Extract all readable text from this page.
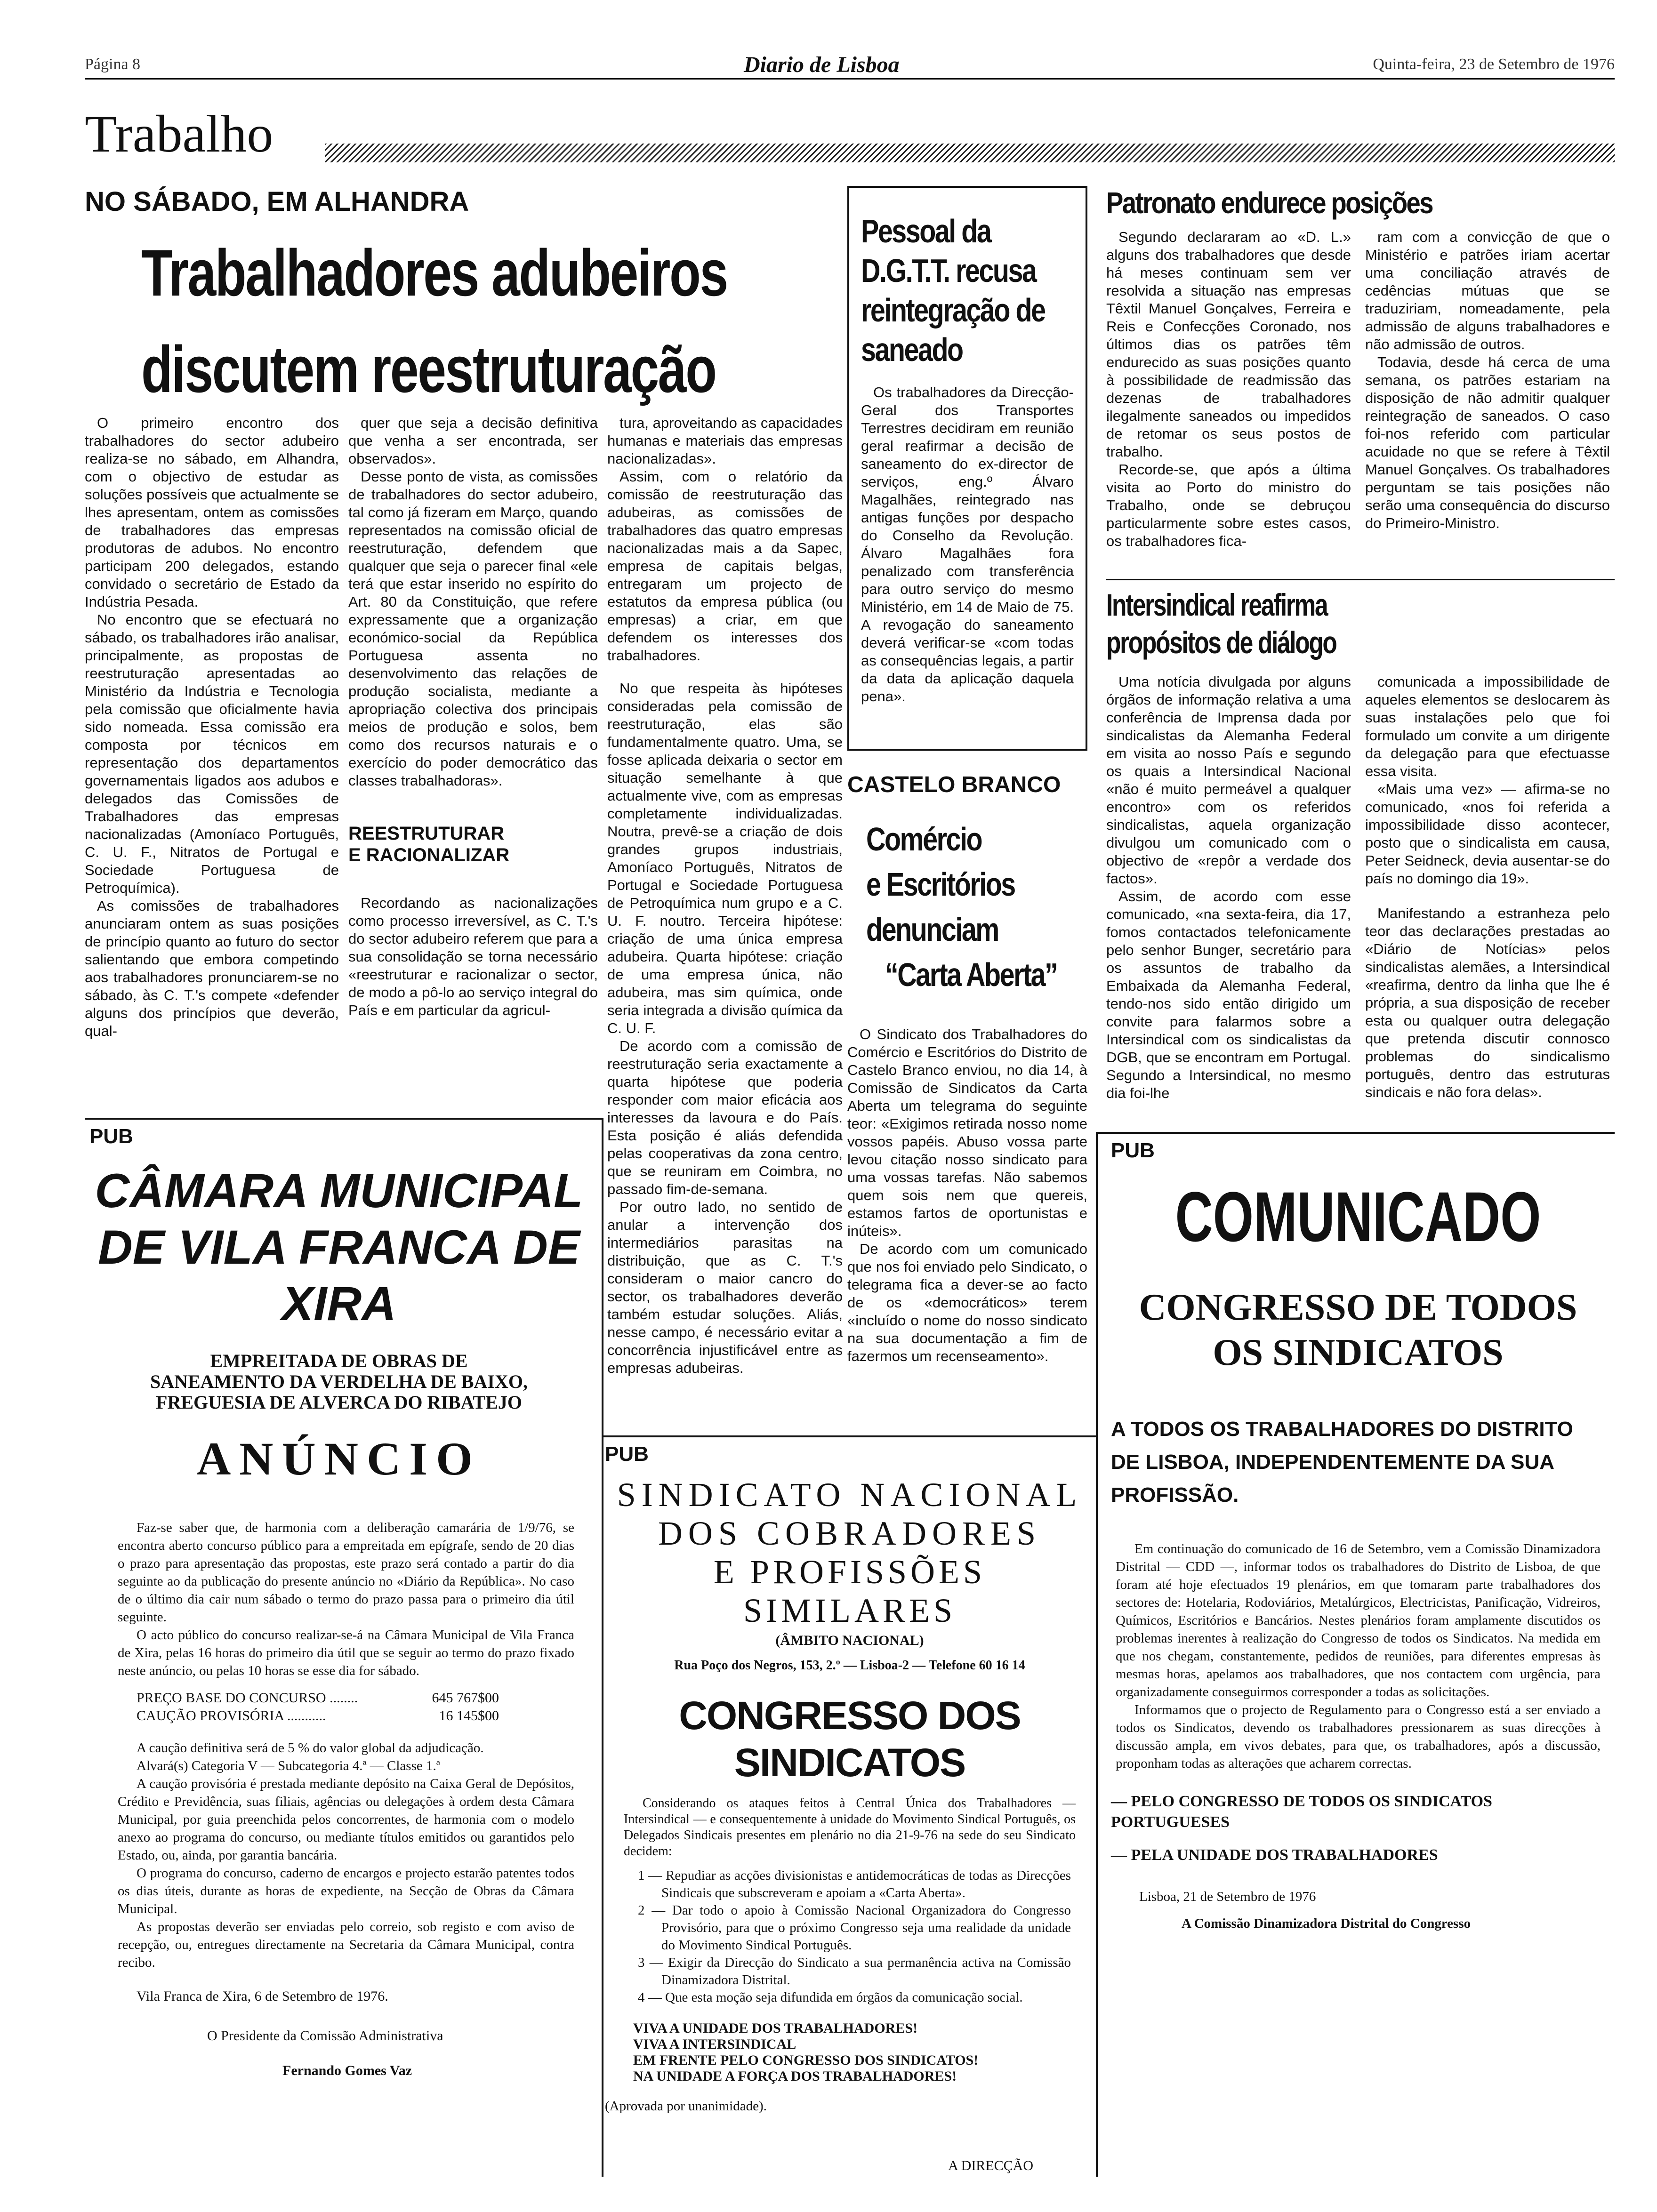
Página 8	Diario de Lisboa	Quinta-feira, 23 de Setembro de 1976
Trabalho
NO SÁBADO, EM ALHANDRA
Trabalhadores adubeiros
discutem reestruturação

O primeiro encontro dos trabalhadores do sector adubeiro realiza-se no sábado, em Alhandra, com o objectivo de estudar as soluções possíveis que actualmente se lhes apresentam, ontem as comissões de trabalhadores das empresas produtoras de adubos. No encontro participam 200 delegados, estando convidado o secretário de Estado da Indústria Pesada.

No encontro que se efectuará no sábado, os trabalhadores irão analisar, principalmente, as propostas de reestruturação apresentadas ao Ministério da Indústria e Tecnologia pela comissão que oficialmente havia sido nomeada. Essa comissão era composta por técnicos em representação dos departamentos governamentais ligados aos adubos e delegados das Comissões de Trabalhadores das empresas nacionalizadas (Amoníaco Português, C. U. F., Nitratos de Portugal e Sociedade Portuguesa de Petroquímica).

As comissões de trabalhadores anunciaram ontem as suas posições de princípio quanto ao futuro do sector salientando que embora competindo aos trabalhadores pronunciarem-se no sábado, às C. T.'s compete «defender alguns dos princípios que deverão, qual-

quer que seja a decisão definitiva que venha a ser encontrada, ser observados».

Desse ponto de vista, as comissões de trabalhadores do sector adubeiro, tal como já fizeram em Março, quando representados na comissão oficial de reestruturação, defendem que qualquer que seja o parecer final «ele terá que estar inserido no espírito do Art. 80 da Constituição, que refere expressamente que a organização económico-social da República Portuguesa assenta no desenvolvimento das relações de produção socialista, mediante a apropriação colectiva dos principais meios de produção e solos, bem como dos recursos naturais e o exercício do poder democrático das classes trabalhadoras».

REESTRUTURAR E RACIONALIZAR

Recordando as nacionalizações como processo irreversível, as C. T.'s do sector adubeiro referem que para a sua consolidação se torna necessário «reestruturar e racionalizar o sector, de modo a pô-lo ao serviço integral do País e em particular da agricul-

tura, aproveitando as capacidades humanas e materiais das empresas nacionalizadas».

Assim, com o relatório da comissão de reestruturação das adubeiras, as comissões de trabalhadores das quatro empresas nacionalizadas mais a da Sapec, empresa de capitais belgas, entregaram um projecto de estatutos da empresa pública (ou empresas) a criar, em que defendem os interesses dos trabalhadores.

No que respeita às hipóteses consideradas pela comissão de reestruturação, elas são fundamentalmente quatro. Uma, se fosse aplicada deixaria o sector em situação semelhante à que actualmente vive, com as empresas completamente individualizadas. Noutra, prevê-se a criação de dois grandes grupos industriais, Amoníaco Português, Nitratos de Portugal e Sociedade Portuguesa de Petroquímica num grupo e a C. U. F. noutro. Terceira hipótese: criação de uma única empresa adubeira. Quarta hipótese: criação de uma empresa única, não adubeira, mas sim química, onde seria integrada a divisão química da C. U. F.

De acordo com a comissão de reestruturação seria exactamente a quarta hipótese que poderia responder com maior eficácia aos interesses da lavoura e do País. Esta posição é aliás defendida pelas cooperativas da zona centro, que se reuniram em Coimbra, no passado fim-de-semana.

Por outro lado, no sentido de anular a intervenção dos intermediários parasitas na distribuição, que as C. T.'s consideram o maior cancro do sector, os trabalhadores deverão também estudar soluções. Aliás, nesse campo, é necessário evitar a concorrência injustificável entre as empresas adubeiras.

Pessoal da D.G.T.T. recusa reintegração de saneado

Os trabalhadores da Direcção-Geral dos Transportes Terrestres decidiram em reunião geral reafirmar a decisão de saneamento do ex-director de serviços, eng.º Álvaro Magalhães, reintegrado nas antigas funções por despacho do Conselho da Revolução. Álvaro Magalhães fora penalizado com transferência para outro serviço do mesmo Ministério, em 14 de Maio de 75. A revogação do saneamento deverá verificar-se «com todas as consequências legais, a partir da data da aplicação daquela pena».

CASTELO BRANCO
Comércio
e Escritórios
denunciam
“Carta Aberta”

O Sindicato dos Trabalhadores do Comércio e Escritórios do Distrito de Castelo Branco enviou, no dia 14, à Comissão de Sindicatos da Carta Aberta um telegrama do seguinte teor: «Exigimos retirada nosso nome vossos papéis. Abuso vossa parte levou citação nosso sindicato para uma vossas tarefas. Não sabemos quem sois nem que quereis, estamos fartos de oportunistas e inúteis».

De acordo com um comunicado que nos foi enviado pelo Sindicato, o telegrama fica a dever-se ao facto de os «democráticos» terem «incluído o nome do nosso sindicato na sua documentação a fim de fazermos um recenseamento».

Patronato endurece posições

Segundo declararam ao «D. L.» alguns dos trabalhadores que desde há meses continuam sem ver resolvida a situação nas empresas Têxtil Manuel Gonçalves, Ferreira e Reis e Confecções Coronado, nos últimos dias os patrões têm endurecido as suas posições quanto à possibilidade de readmissão das dezenas de trabalhadores ilegalmente saneados ou impedidos de retomar os seus postos de trabalho.

Recorde-se, que após a última visita ao Porto do ministro do Trabalho, onde se debruçou particularmente sobre estes casos, os trabalhadores fica-

ram com a convicção de que o Ministério e patrões iriam acertar uma conciliação através de cedências mútuas que se traduziriam, nomeadamente, pela admissão de alguns trabalhadores e não admissão de outros.

Todavia, desde há cerca de uma semana, os patrões estariam na disposição de não admitir qualquer reintegração de saneados. O caso foi-nos referido com particular acuidade no que se refere à Têxtil Manuel Gonçalves. Os trabalhadores perguntam se tais posições não serão uma consequência do discurso do Primeiro-Ministro.

Intersindical reafirma
propósitos de diálogo

Uma notícia divulgada por alguns órgãos de informação relativa a uma conferência de Imprensa dada por sindicalistas da Alemanha Federal em visita ao nosso País e segundo os quais a Intersindical Nacional «não é muito permeável a qualquer encontro» com os referidos sindicalistas, aquela organização divulgou um comunicado com o objectivo de «repôr a verdade dos factos».

Assim, de acordo com esse comunicado, «na sexta-feira, dia 17, fomos contactados telefonicamente pelo senhor Bunger, secretário para os assuntos de trabalho da Embaixada da Alemanha Federal, tendo-nos sido então dirigido um convite para falarmos sobre a Intersindical com os sindicalistas da DGB, que se encontram em Portugal. Segundo a Intersindical, no mesmo dia foi-lhe

comunicada a impossibilidade de aqueles elementos se deslocarem às suas instalações pelo que foi formulado um convite a um dirigente da delegação para que efectuasse essa visita.

«Mais uma vez» — afirma-se no comunicado, «nos foi referida a impossibilidade disso acontecer, posto que o sindicalista em causa, Peter Seidneck, devia ausentar-se do país no domingo dia 19».

Manifestando a estranheza pelo teor das declarações prestadas ao «Diário de Notícias» pelos sindicalistas alemães, a Intersindical «reafirma, dentro da linha que lhe é própria, a sua disposição de receber esta ou qualquer outra delegação que pretenda discutir connosco problemas do sindicalismo português, dentro das estruturas sindicais e não fora delas».

PUB
CÂMARA MUNICIPAL
DE VILA FRANCA DE XIRA
EMPREITADA DE OBRAS DE SANEAMENTO DA VERDELHA DE BAIXO, FREGUESIA DE ALVERCA DO RIBATEJO
ANÚNCIO

Faz-se saber que, de harmonia com a deliberação camarária de 1/9/76, se encontra aberto concurso público para a empreitada em epígrafe, sendo de 20 dias o prazo para apresentação das propostas, este prazo será contado a partir do dia seguinte ao da publicação do presente anúncio no «Diário da República». No caso de o último dia cair num sábado o termo do prazo passa para o primeiro dia útil seguinte.

O acto público do concurso realizar-se-á na Câmara Municipal de Vila Franca de Xira, pelas 16 horas do primeiro dia útil que se seguir ao termo do prazo fixado neste anúncio, ou pelas 10 horas se esse dia for sábado.

PREÇO BASE DO CONCURSO ........	645 767$00
CAUÇÃO PROVISÓRIA ...........	16 145$00

A caução definitiva será de 5 % do valor global da adjudicação.

Alvará(s) Categoria V — Subcategoria 4.ª — Classe 1.ª

A caução provisória é prestada mediante depósito na Caixa Geral de Depósitos, Crédito e Previdência, suas filiais, agências ou delegações à ordem desta Câmara Municipal, por guia preenchida pelos concorrentes, de harmonia com o modelo anexo ao programa do concurso, ou mediante títulos emitidos ou garantidos pelo Estado, ou, ainda, por garantia bancária.

O programa do concurso, caderno de encargos e projecto estarão patentes todos os dias úteis, durante as horas de expediente, na Secção de Obras da Câmara Municipal.

As propostas deverão ser enviadas pelo correio, sob registo e com aviso de recepção, ou, entregues directamente na Secretaria da Câmara Municipal, contra recibo.

Vila Franca de Xira, 6 de Setembro de 1976.
O Presidente da Comissão Administrativa
Fernando Gomes Vaz
PUB
SINDICATO NACIONAL
DOS COBRADORES
E PROFISSÕES SIMILARES
(ÂMBITO NACIONAL)
Rua Poço dos Negros, 153, 2.º — Lisboa-2 — Telefone 60 16 14
CONGRESSO DOS SINDICATOS

Considerando os ataques feitos à Central Única dos Trabalhadores — Intersindical — e consequentemente à unidade do Movimento Sindical Português, os Delegados Sindicais presentes em plenário no dia 21-9-76 na sede do seu Sindicato decidem:

1 — Repudiar as acções divisionistas e antidemocráticas de todas as Direcções Sindicais que subscreveram e apoiam a «Carta Aberta».
2 — Dar todo o apoio à Comissão Nacional Organizadora do Congresso Provisório, para que o próximo Congresso seja uma realidade da unidade do Movimento Sindical Português.
3 — Exigir da Direcção do Sindicato a sua permanência activa na Comissão Dinamizadora Distrital.
4 — Que esta moção seja difundida em órgãos da comunicação social.
VIVA A UNIDADE DOS TRABALHADORES!
VIVA A INTERSINDICAL
EM FRENTE PELO CONGRESSO DOS SINDICATOS!
NA UNIDADE A FORÇA DOS TRABALHADORES!
(Aprovada por unanimidade).
A DIRECÇÃO
PUB
COMUNICADO
CONGRESSO DE TODOS
OS SINDICATOS
A TODOS OS TRABALHADORES DO DISTRITO DE LISBOA, INDEPENDENTEMENTE DA SUA PROFISSÃO.

Em continuação do comunicado de 16 de Setembro, vem a Comissão Dinamizadora Distrital — CDD —, informar todos os trabalhadores do Distrito de Lisboa, de que foram até hoje efectuados 19 plenários, em que tomaram parte trabalhadores dos sectores de: Hotelaria, Rodoviários, Metalúrgicos, Electricistas, Panificação, Vidreiros, Químicos, Escritórios e Bancários. Nestes plenários foram amplamente discutidos os problemas inerentes à realização do Congresso de todos os Sindicatos. Na medida em que nos chegam, constantemente, pedidos de reuniões, para diferentes empresas às mesmas horas, apelamos aos trabalhadores, que nos contactem com urgência, para organizadamente conseguirmos corresponder a todas as solicitações.

Informamos que o projecto de Regulamento para o Congresso está a ser enviado a todos os Sindicatos, devendo os trabalhadores pressionarem as suas direcções à discussão ampla, em vivos debates, para que, os trabalhadores, após a discussão, proponham todas as alterações que acharem correctas.

— PELO CONGRESSO DE TODOS OS SINDICATOS PORTUGUESES
— PELA UNIDADE DOS TRABALHADORES
Lisboa, 21 de Setembro de 1976
A Comissão Dinamizadora Distrital do Congresso
